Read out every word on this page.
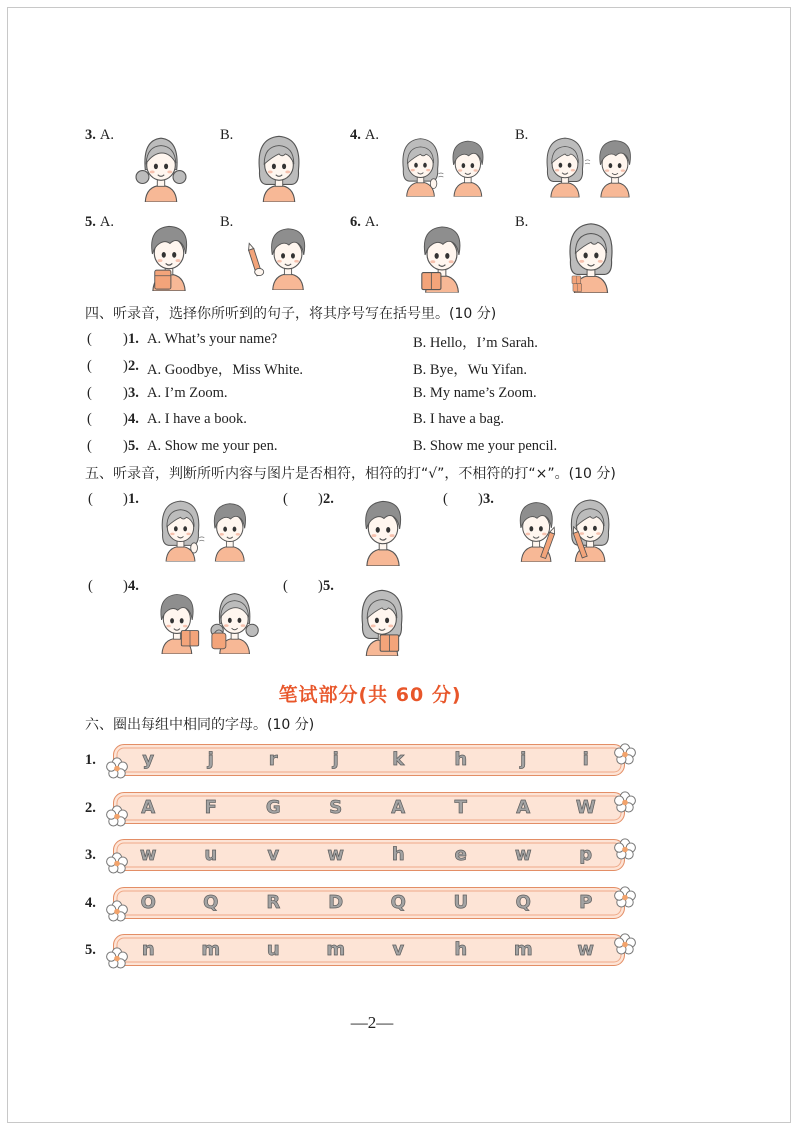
3. A.	B.	4. A.	B.
5. A.	B.	6. A.	B.
四、听录音，选择你所听到的句子，将其序号写在括号里。(10 分)
( ) 1. A. What’s your name?	B. Hello，I’m Sarah.
( ) 2. A. Goodbye，Miss White.	B. Bye，Wu Yifan.
( ) 3. A. I’m Zoom.	B. My name’s Zoom.
( ) 4. A. I have a book.	B. I have a bag.
( ) 5. A. Show me your pen.	B. Show me your pencil.
五、听录音，判断所听内容与图片是否相符，相符的打“√”，不相符的打“×”。(10 分)
( ) 1.	( ) 2.	( ) 3.
( ) 4.	( ) 5.
笔试部分(共 60 分)
六、圈出每组中相同的字母。(10 分)
1.	y	j	r	j	k	h	j	i
2.	A	F	G	S	A	T	A	W
3.	w	u	v	w	h	e	w	p
4.	O	Q	R	D	Q	U	Q	P
5.	n	m	u	m	v	h	m	w
—2—
